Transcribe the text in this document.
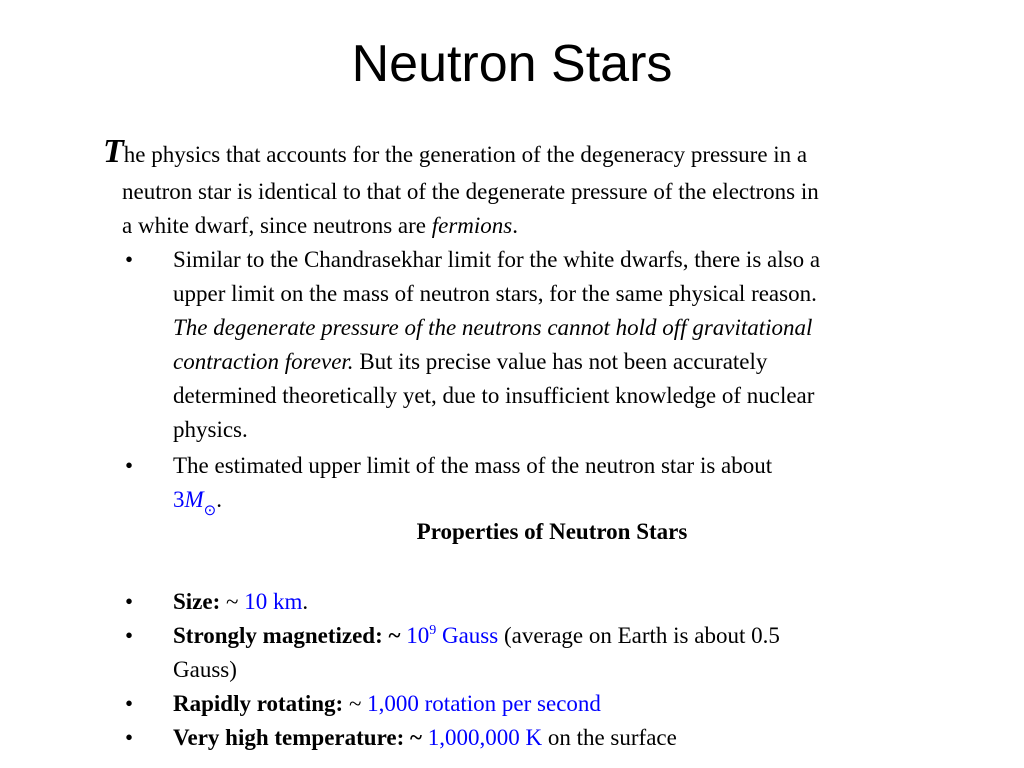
Neutron Stars
The physics that accounts for the generation of the degeneracy pressure in a
neutron star is identical to that of the degenerate pressure of the electrons in
a white dwarf, since neutrons are fermions.
• Similar to the Chandrasekhar limit for the white dwarfs, there is also a
upper limit on the mass of neutron stars, for the same physical reason.
The degenerate pressure of the neutrons cannot hold off gravitational
contraction forever. But its precise value has not been accurately
determined theoretically yet, due to insufficient knowledge of nuclear
physics.
• The estimated upper limit of the mass of the neutron star is about
3M⊙.
Properties of Neutron Stars
• Size: ~ 10 km.
• Strongly magnetized: ~ $10^9$ Gauss (average on Earth is about 0.5
Gauss)
• Rapidly rotating: ~ 1,000 rotation per second
• Very high temperature: ~ 1,000,000 K on the surface
